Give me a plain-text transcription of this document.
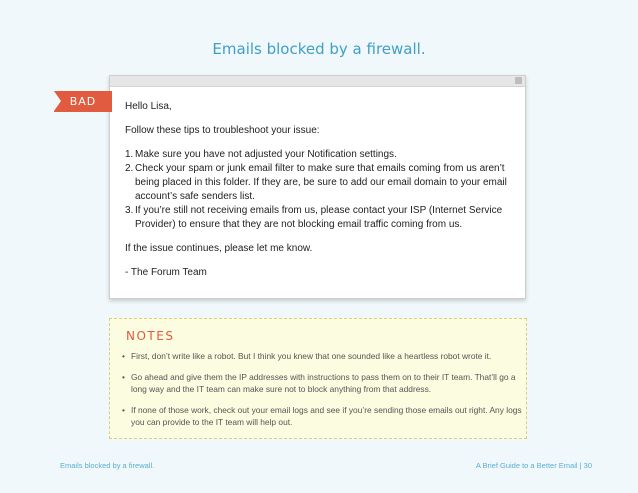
Emails blocked by a firewall.

Hello Lisa,

Follow these tips to troubleshoot your issue:

1. Make sure you have not adjusted your Notification settings.
2. Check your spam or junk email filter to make sure that emails coming from us aren’t being placed in this folder. If they are, be sure to add our email domain to your email account’s safe senders list.
3. If you’re still not receiving emails from us, please contact your ISP (Internet Service Provider) to ensure that they are not blocking email traffic coming from us.

If the issue continues, please let me know.

- The Forum Team

BAD
NOTES
• First, don’t write like a robot. But I think you knew that one sounded like a heartless robot wrote it.
• Go ahead and give them the IP addresses with instructions to pass them on to their IT team. That’ll go a long way and the IT team can make sure not to block anything from that address.
• If none of those work, check out your email logs and see if you’re sending those emails out right. Any logs you can provide to the IT team will help out.
Emails blocked by a firewall.	A Brief Guide to a Better Email | 30
